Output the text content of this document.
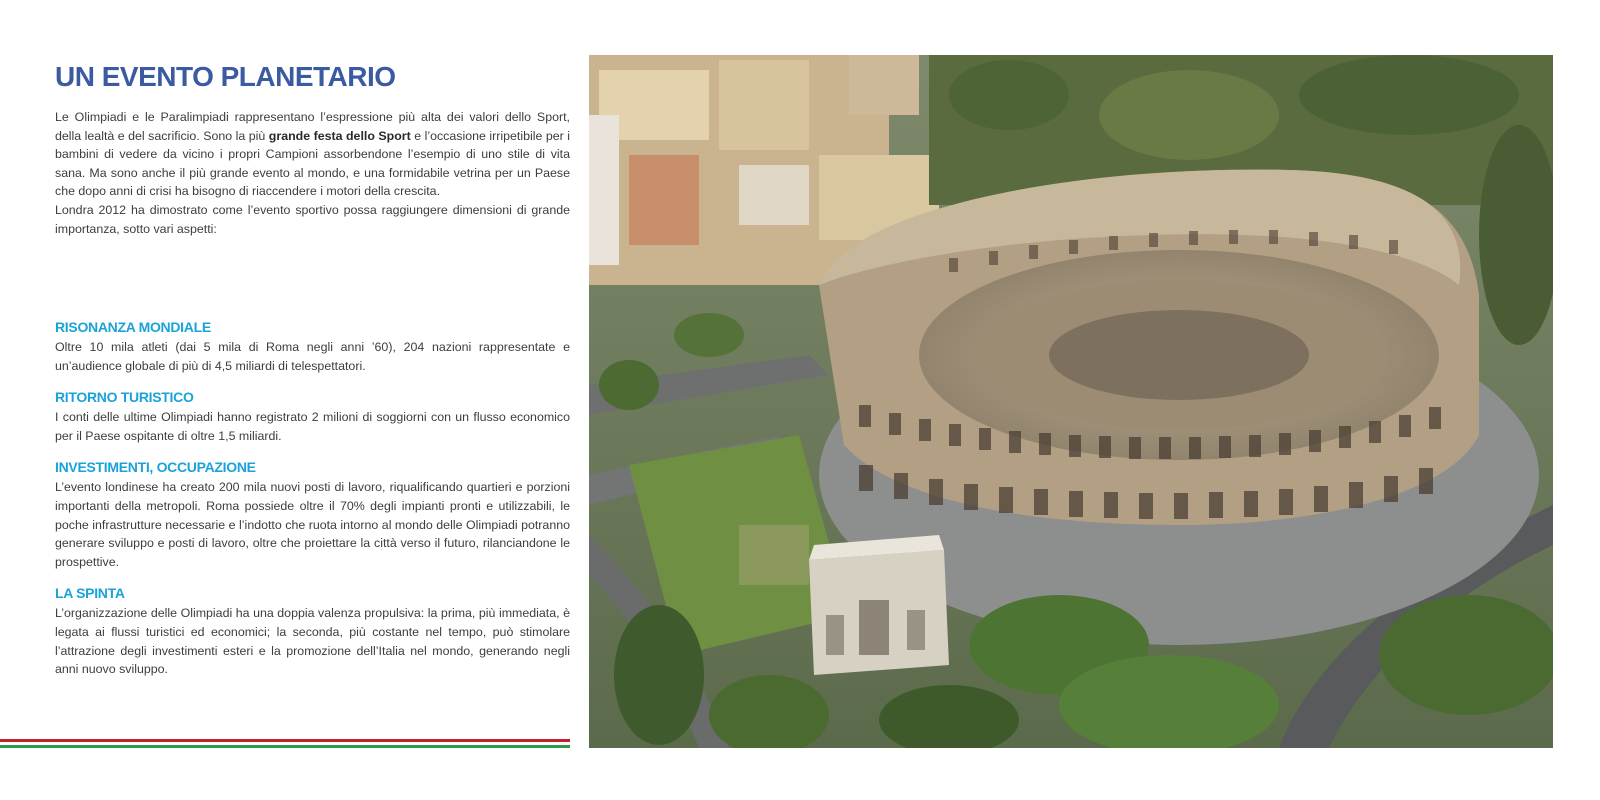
UN EVENTO PLANETARIO

Le Olimpiadi e le Paralimpiadi rappresentano l’espressione più alta dei valori dello Sport, della lealtà e del sacrificio. Sono la più grande festa dello Sport e l’occasione irripetibile per i bambini di vedere da vicino i propri Campioni assorbendone l’esempio di uno stile di vita sana. Ma sono anche il più grande evento al mondo, e una formidabile vetrina per un Paese che dopo anni di crisi ha bisogno di riaccendere i motori della crescita.

Londra 2012 ha dimostrato come l’evento sportivo possa raggiungere dimensioni di grande importanza, sotto vari aspetti:

RISONANZA MONDIALE

Oltre 10 mila atleti (dai 5 mila di Roma negli anni ’60), 204 nazioni rappresentate e un’audience globale di più di 4,5 miliardi di telespettatori.

RITORNO TURISTICO

I conti delle ultime Olimpiadi hanno registrato 2 milioni di soggiorni con un flusso economico per il Paese ospitante di oltre 1,5 miliardi.

INVESTIMENTI, OCCUPAZIONE

L’evento londinese ha creato 200 mila nuovi posti di lavoro, riqualificando quartieri e porzioni importanti della metropoli. Roma possiede oltre il 70% degli impianti pronti e utilizzabili, le poche infrastrutture necessarie e l’indotto che ruota intorno al mondo delle Olimpiadi potranno generare sviluppo e posti di lavoro, oltre che proiettare la città verso il futuro, rilanciandone le prospettive.

LA SPINTA

L’organizzazione delle Olimpiadi ha una doppia valenza propulsiva: la prima, più immediata, è legata ai flussi turistici ed economici; la seconda, più costante nel tempo, può stimolare l’attrazione degli investimenti esteri e la promozione dell’Italia nel mondo, generando negli anni nuovo sviluppo.
